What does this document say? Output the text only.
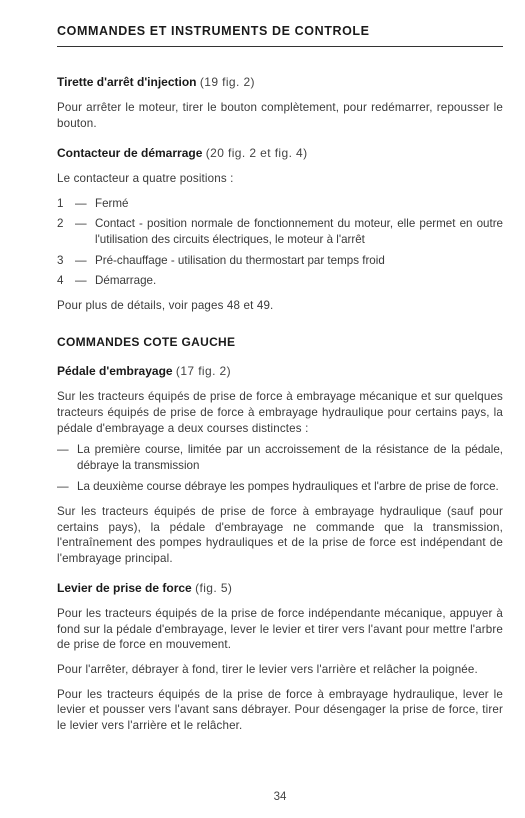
COMMANDES ET INSTRUMENTS DE CONTROLE

Tirette d'arrêt d'injection (19 fig. 2)

Pour arrêter le moteur, tirer le bouton complètement, pour redémarrer, repousser le bouton.

Contacteur de démarrage (20 fig. 2 et fig. 4)

Le contacteur a quatre positions :

1 — Fermé
2 — Contact - position normale de fonctionnement du moteur, elle permet en outre l'utilisation des circuits électriques, le moteur à l'arrêt
3 — Pré-chauffage - utilisation du thermostart par temps froid
4 — Démarrage.

Pour plus de détails, voir pages 48 et 49.

COMMANDES COTE GAUCHE

Pédale d'embrayage (17 fig. 2)

Sur les tracteurs équipés de prise de force à embrayage mécanique et sur quelques tracteurs équipés de prise de force à embrayage hydraulique pour certains pays, la pédale d'embrayage a deux courses distinctes :

— La première course, limitée par un accroissement de la résistance de la pédale, débraye la transmission
— La deuxième course débraye les pompes hydrauliques et l'arbre de prise de force.

Sur les tracteurs équipés de prise de force à embrayage hydraulique (sauf pour certains pays), la pédale d'embrayage ne commande que la transmission, l'entraînement des pompes hydrauliques et de la prise de force est indépendant de l'embrayage principal.

Levier de prise de force (fig. 5)

Pour les tracteurs équipés de la prise de force indépendante mécanique, appuyer à fond sur la pédale d'embrayage, lever le levier et tirer vers l'avant pour mettre l'arbre de prise de force en mouvement.

Pour l'arrêter, débrayer à fond, tirer le levier vers l'arrière et relâcher la poignée.

Pour les tracteurs équipés de la prise de force à embrayage hydraulique, lever le levier et pousser vers l'avant sans débrayer. Pour désengager la prise de force, tirer le levier vers l'arrière et le relâcher.

34
